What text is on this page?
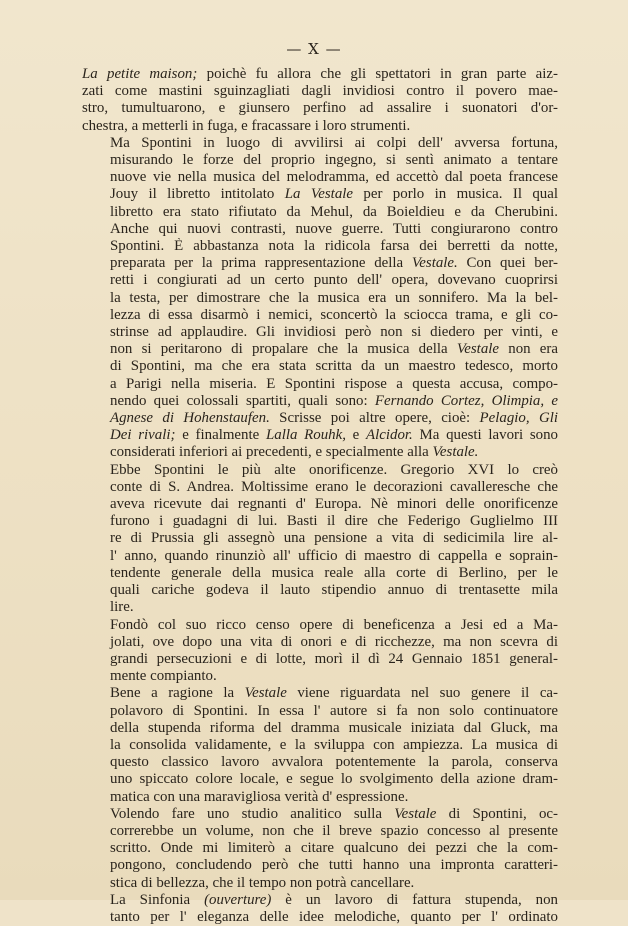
— X —

La petite maison; poichè fu allora che gli spettatori in gran parte aiz-
zati come mastini sguinzagliati dagli invidiosi contro il povero mae-
stro, tumultuarono, e giunsero perfino ad assalire i suonatori d'or-
chestra, a metterli in fuga, e fracassare i loro strumenti.

Ma Spontini in luogo di avvilirsi ai colpi dell' avversa fortuna,
misurando le forze del proprio ingegno, si sentì animato a tentare
nuove vie nella musica del melodramma, ed accettò dal poeta francese
Jouy il libretto intitolato La Vestale per porlo in musica. Il qual
libretto era stato rifiutato da Mehul, da Boieldieu e da Cherubini.
Anche qui nuovi contrasti, nuove guerre. Tutti congiurarono contro
Spontini. È abbastanza nota la ridicola farsa dei berretti da notte,
preparata per la prima rappresentazione della Vestale. Con quei ber-
retti i congiurati ad un certo punto dell' opera, dovevano cuoprirsi
la testa, per dimostrare che la musica era un sonnifero. Ma la bel-
lezza di essa disarmò i nemici, sconcertò la sciocca trama, e gli co-
strinse ad applaudire. Gli invidiosi però non si diedero per vinti, e
non si peritarono di propalare che la musica della Vestale non era
di Spontini, ma che era stata scritta da un maestro tedesco, morto
a Parigi nella miseria. E Spontini rispose a questa accusa, compo-
nendo quei colossali spartiti, quali sono: Fernando Cortez, Olimpia, e
Agnese di Hohenstaufen. Scrisse poi altre opere, cioè: Pelagio, Gli
Dei rivali; e finalmente Lalla Rouhk, e Alcidor. Ma questi lavori sono
considerati inferiori ai precedenti, e specialmente alla Vestale.

Ebbe Spontini le più alte onorificenze. Gregorio XVI lo creò
conte di S. Andrea. Moltissime erano le decorazioni cavalleresche che
aveva ricevute dai regnanti d' Europa. Nè minori delle onorificenze
furono i guadagni di lui. Basti il dire che Federigo Guglielmo III
re di Prussia gli assegnò una pensione a vita di sedicimila lire al-
l' anno, quando rinunziò all' ufficio di maestro di cappella e soprain-
tendente generale della musica reale alla corte di Berlino, per le
quali cariche godeva il lauto stipendio annuo di trentasette mila
lire.

Fondò col suo ricco censo opere di beneficenza a Jesi ed a Ma-
jolati, ove dopo una vita di onori e di ricchezze, ma non scevra di
grandi persecuzioni e di lotte, morì il dì 24 Gennaio 1851 general-
mente compianto.

Bene a ragione la Vestale viene riguardata nel suo genere il ca-
polavoro di Spontini. In essa l' autore si fa non solo continuatore
della stupenda riforma del dramma musicale iniziata dal Gluck, ma
la consolida validamente, e la sviluppa con ampiezza. La musica di
questo classico lavoro avvalora potentemente la parola, conserva
uno spiccato colore locale, e segue lo svolgimento della azione dram-
matica con una maravigliosa verità d' espressione.

Volendo fare uno studio analitico sulla Vestale di Spontini, oc-
correrebbe un volume, non che il breve spazio concesso al presente
scritto. Onde mi limiterò a citare qualcuno dei pezzi che la com-
pongono, concludendo però che tutti hanno una impronta caratteri-
stica di bellezza, che il tempo non potrà cancellare.

La Sinfonia (ouverture) è un lavoro di fattura stupenda, non
tanto per l' eleganza delle idee melodiche, quanto per l' ordinato
